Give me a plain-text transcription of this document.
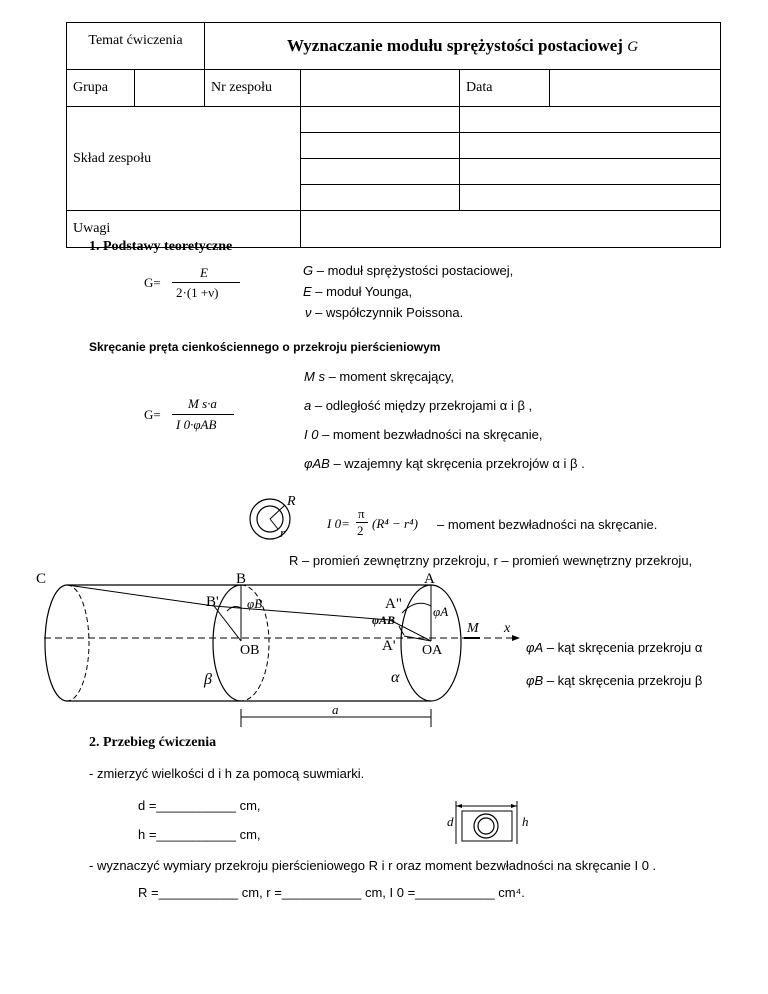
Temat ćwiczenia		Wyznaczanie modułu sprężystości postaciowej G			
Grupa		Nr zespołu		Data	
Skład zespołu					

Uwagi					
1. Podstawy teoretyczne
G=
E
2·(1 +ν)
G – moduł sprężystości postaciowej,
E – moduł Younga,
ν – współczynnik Poissona.
Skręcanie pręta cienkościennego o przekroju pierścieniowym
G=
M s·a
I 0·φAB
M s – moment skręcający,
a – odległość między przekrojami α i β ,
I 0 – moment bezwładności na skręcanie,
φAB – wzajemny kąt skręcenia przekrojów α i β .
R
r
I 0=
π
2 (R⁴ − r⁴) – moment bezwładności na skręcanie.
R – promień zewnętrzny przekroju, r – promień wewnętrzny przekroju,
C	B	A
B' φB	A" φA
φAB
M x
OB	OA
A'
β	α
a
φA – kąt skręcenia przekroju α
φB – kąt skręcenia przekroju β
2. Przebieg ćwiczenia
- zmierzyć wielkości d i h za pomocą suwmiarki.
d =___________ cm,
h =___________ cm,
d	h
- wyznaczyć wymiary przekroju pierścieniowego R i r oraz moment bezwładności na skręcanie I 0 .
R =___________ cm, r =___________ cm, I 0 =___________ cm⁴.
